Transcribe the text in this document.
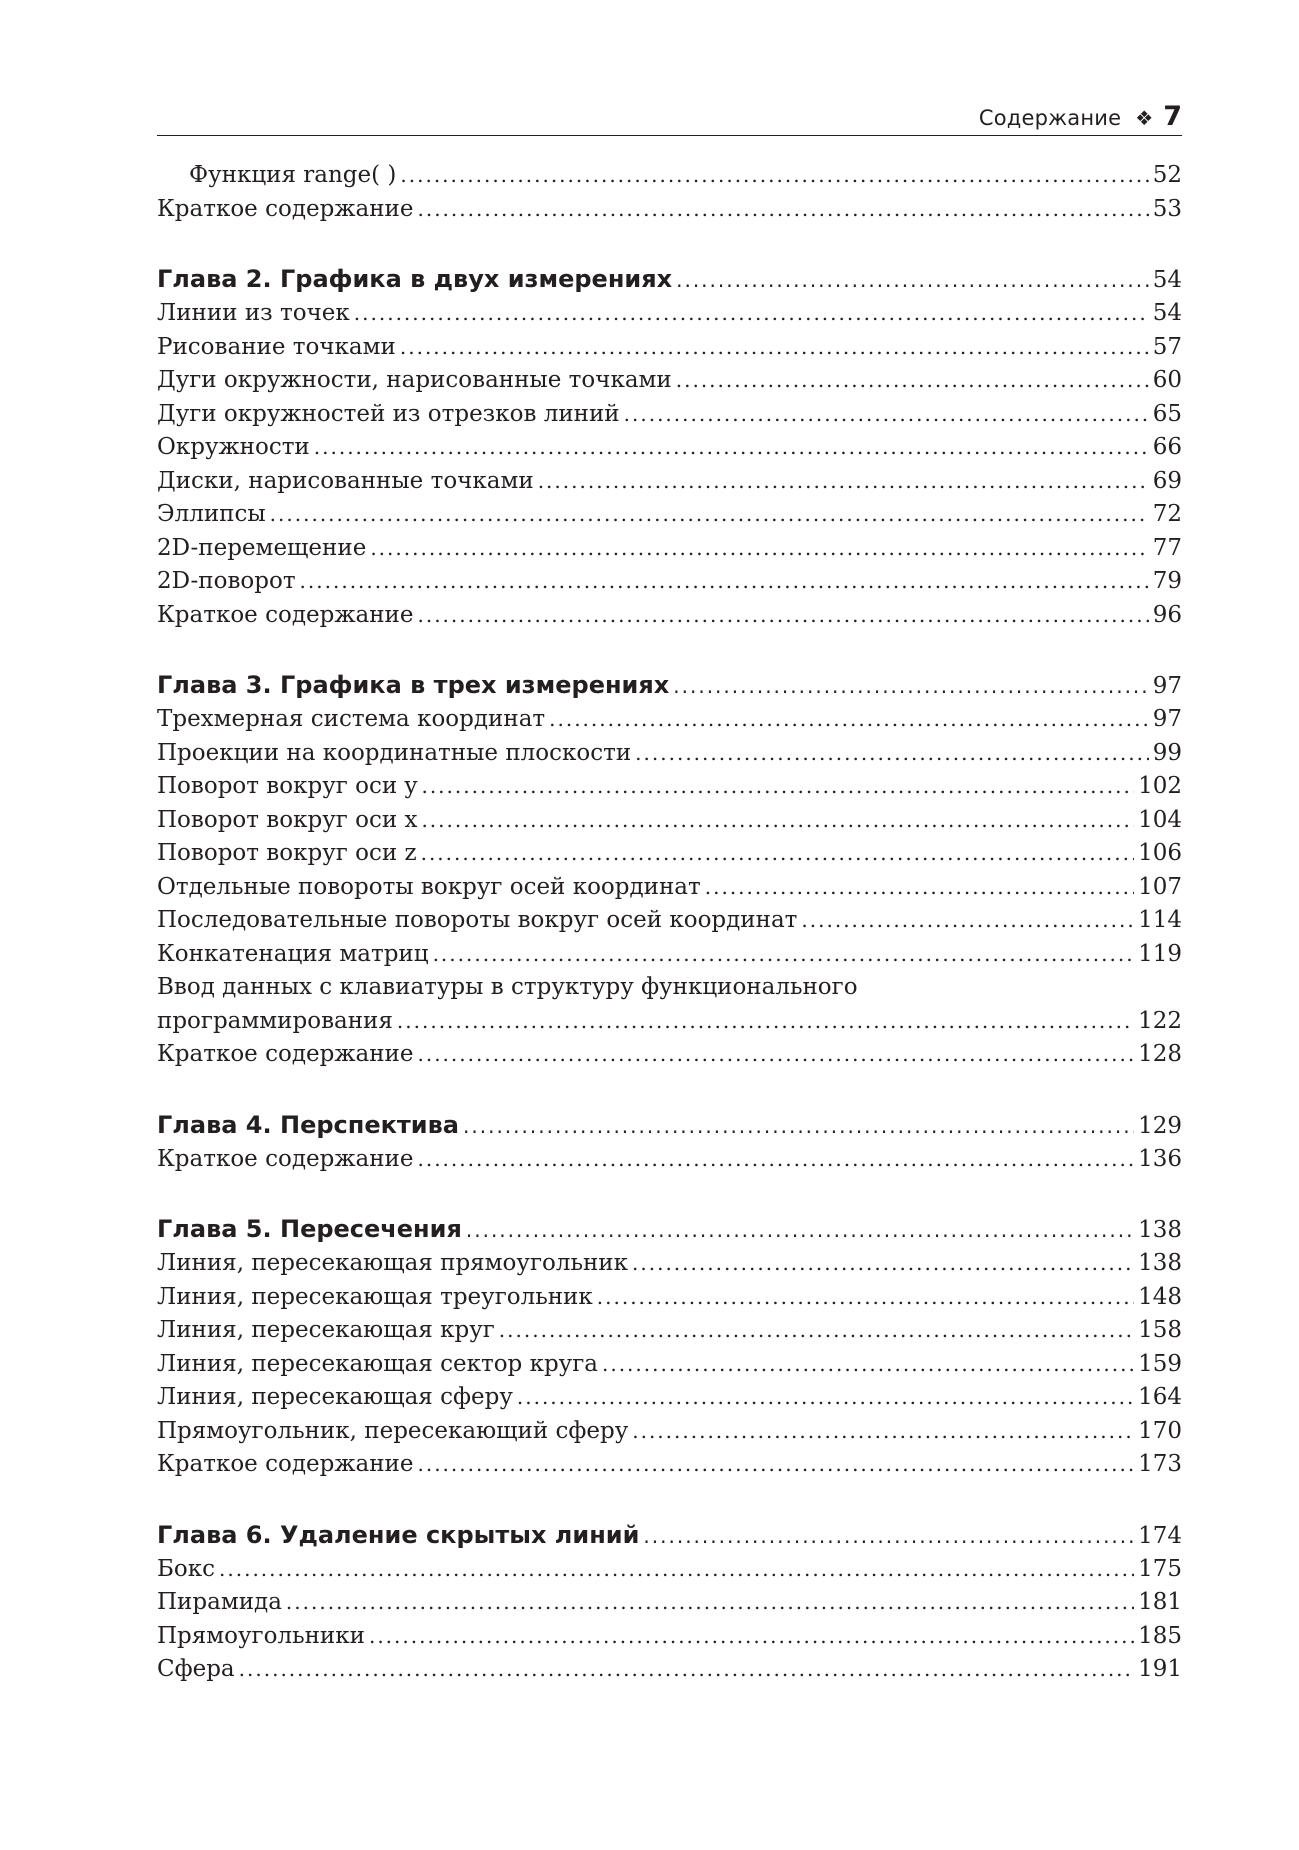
Содержание ❖ 7
Функция range( ) .....	52
Краткое содержание .....	53
Глава 2. Графика в двух измерениях .....	54
Линии из точек .....	54
Рисование точками .....	57
Дуги окружности, нарисованные точками .....	60
Дуги окружностей из отрезков линий .....	65
Окружности .....	66
Диски, нарисованные точками .....	69
Эллипсы .....	72
2D-перемещение .....	77
2D-поворот .....	79
Краткое содержание .....	96
Глава 3. Графика в трех измерениях .....	97
Трехмерная система координат .....	97
Проекции на координатные плоскости .....	99
Поворот вокруг оси y .....	102
Поворот вокруг оси x .....	104
Поворот вокруг оси z .....	106
Отдельные повороты вокруг осей координат .....	107
Последовательные повороты вокруг осей координат .....	114
Конкатенация матриц .....	119
Ввод данных с клавиатуры в структуру функционального
программирования .....	122
Краткое содержание .....	128
Глава 4. Перспектива .....	129
Краткое содержание .....	136
Глава 5. Пересечения .....	138
Линия, пересекающая прямоугольник .....	138
Линия, пересекающая треугольник .....	148
Линия, пересекающая круг .....	158
Линия, пересекающая сектор круга .....	159
Линия, пересекающая сферу .....	164
Прямоугольник, пересекающий сферу .....	170
Краткое содержание .....	173
Глава 6. Удаление скрытых линий .....	174
Бокс .....	175
Пирамида .....	181
Прямоугольники .....	185
Сфера .....	191
